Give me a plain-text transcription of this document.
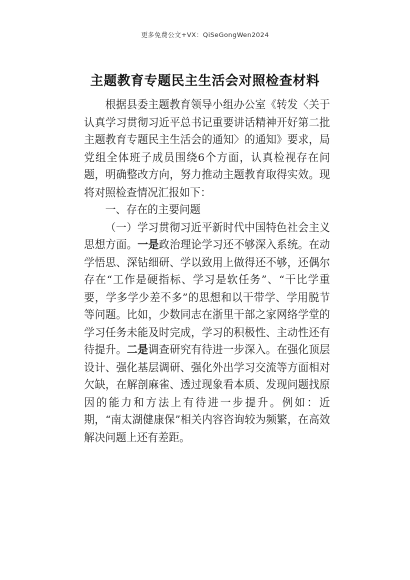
更多免费公文+VX：QiSeGongWen2024
主题教育专题民主生活会对照检查材料

根据县委主题教育领导小组办公室《转发〈关于认真学习贯彻习近平总书记重要讲话精神开好第二批主题教育专题民主生活会的通知〉的通知》要求，局党组全体班子成员围绕6个方面，认真检视存在问题，明确整改方向，努力推动主题教育取得实效。现将对照检查情况汇报如下：

一、存在的主要问题

（一）学习贯彻习近平新时代中国特色社会主义思想方面。一是政治理论学习还不够深入系统。在动学悟思、深钻细研、学以致用上做得还不够，还偶尔存在“工作是硬指标、学习是软任务”、“干比学重要，学多学少差不多”的思想和以干带学、学用脱节等问题。比如，少数同志在浙里干部之家网络学堂的学习任务未能及时完成，学习的积极性、主动性还有待提升。二是调查研究有待进一步深入。在强化顶层设计、强化基层调研、强化外出学习交流等方面相对欠缺，在解剖麻雀、透过现象看本质、发现问题找原因的能力和方法上有待进一步提升。例如：近期，“南太湖健康保”相关内容咨询较为频繁，在高效解决问题上还有差距。
